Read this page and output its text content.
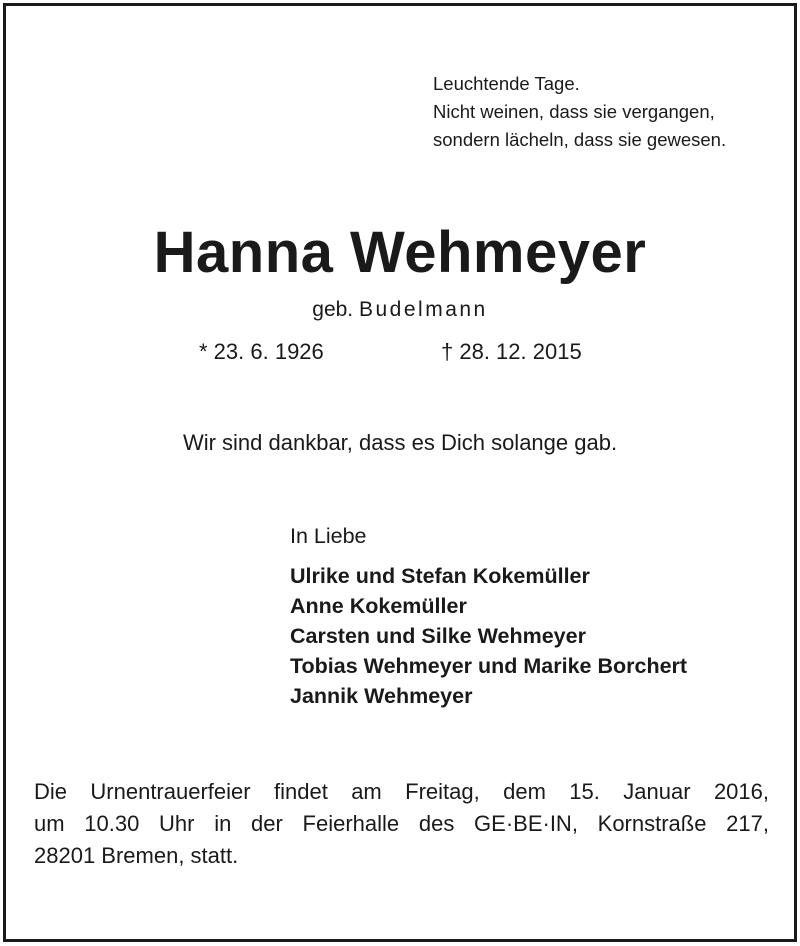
Leuchtende Tage.
Nicht weinen, dass sie vergangen,
sondern lächeln, dass sie gewesen.
Hanna Wehmeyer
geb. Budelmann
* 23. 6. 1926	† 28. 12. 2015
Wir sind dankbar, dass es Dich solange gab.
In Liebe
Ulrike und Stefan Kokemüller
Anne Kokemüller
Carsten und Silke Wehmeyer
Tobias Wehmeyer und Marike Borchert
Jannik Wehmeyer
Die Urnentrauerfeier findet am Freitag, dem 15. Januar 2016,
um 10.30 Uhr in der Feierhalle des GE·BE·IN, Kornstraße 217,
28201 Bremen, statt.
